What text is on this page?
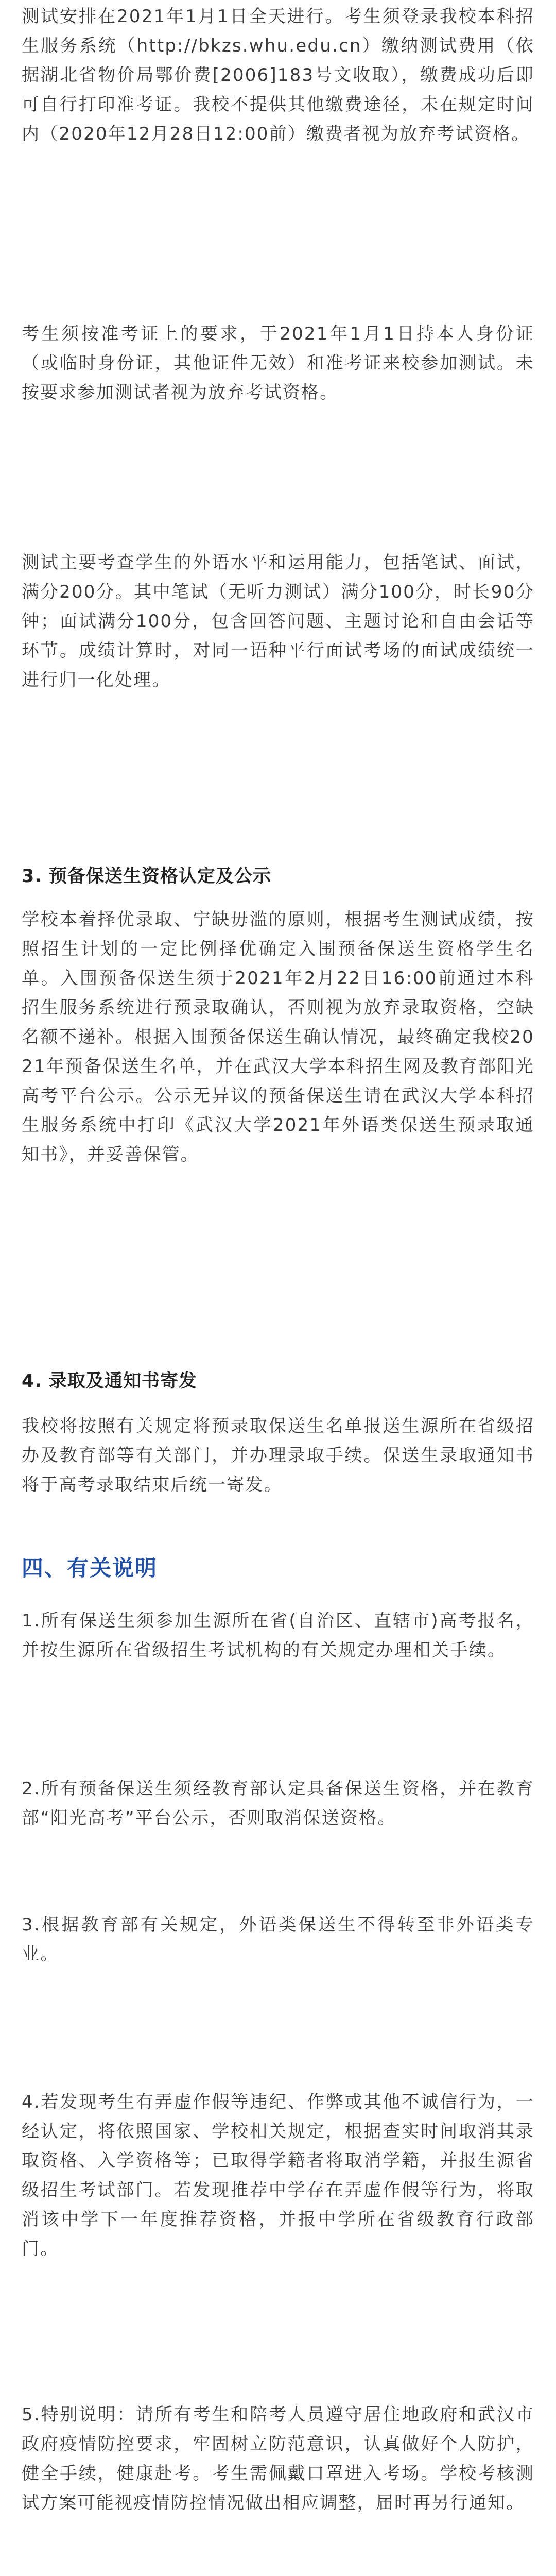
测试安排在2021年1月1日全天进行。考生须登录我校本科招生服务系统（http://bkzs.whu.edu.cn）缴纳测试费用（依据湖北省物价局鄂价费[2006]183号文收取），缴费成功后即可自行打印准考证。我校不提供其他缴费途径，未在规定时间内（2020年12月28日12:00前）缴费者视为放弃考试资格。

考生须按准考证上的要求，于2021年1月1日持本人身份证（或临时身份证，其他证件无效）和准考证来校参加测试。未按要求参加测试者视为放弃考试资格。

测试主要考查学生的外语水平和运用能力，包括笔试、面试，满分200分。其中笔试（无听力测试）满分100分，时长90分钟；面试满分100分，包含回答问题、主题讨论和自由会话等环节。成绩计算时，对同一语种平行面试考场的面试成绩统一进行归一化处理。

3. 预备保送生资格认定及公示

学校本着择优录取、宁缺毋滥的原则，根据考生测试成绩，按照招生计划的一定比例择优确定入围预备保送生资格学生名单。入围预备保送生须于2021年2月22日16:00前通过本科招生服务系统进行预录取确认，否则视为放弃录取资格，空缺名额不递补。根据入围预备保送生确认情况，最终确定我校2021年预备保送生名单，并在武汉大学本科招生网及教育部阳光高考平台公示。公示无异议的预备保送生请在武汉大学本科招生服务系统中打印《武汉大学2021年外语类保送生预录取通知书》，并妥善保管。

4. 录取及通知书寄发

我校将按照有关规定将预录取保送生名单报送生源所在省级招办及教育部等有关部门，并办理录取手续。保送生录取通知书将于高考录取结束后统一寄发。

四、有关说明

1.所有保送生须参加生源所在省(自治区、直辖市)高考报名，并按生源所在省级招生考试机构的有关规定办理相关手续。

2.所有预备保送生须经教育部认定具备保送生资格，并在教育部“阳光高考”平台公示，否则取消保送资格。

3.根据教育部有关规定，外语类保送生不得转至非外语类专业。

4.若发现考生有弄虚作假等违纪、作弊或其他不诚信行为，一经认定，将依照国家、学校相关规定，根据查实时间取消其录取资格、入学资格等；已取得学籍者将取消学籍，并报生源省级招生考试部门。若发现推荐中学存在弄虚作假等行为，将取消该中学下一年度推荐资格，并报中学所在省级教育行政部门。

5.特别说明：请所有考生和陪考人员遵守居住地政府和武汉市政府疫情防控要求，牢固树立防范意识，认真做好个人防护，健全手续，健康赴考。考生需佩戴口罩进入考场。学校考核测试方案可能视疫情防控情况做出相应调整，届时再另行通知。
